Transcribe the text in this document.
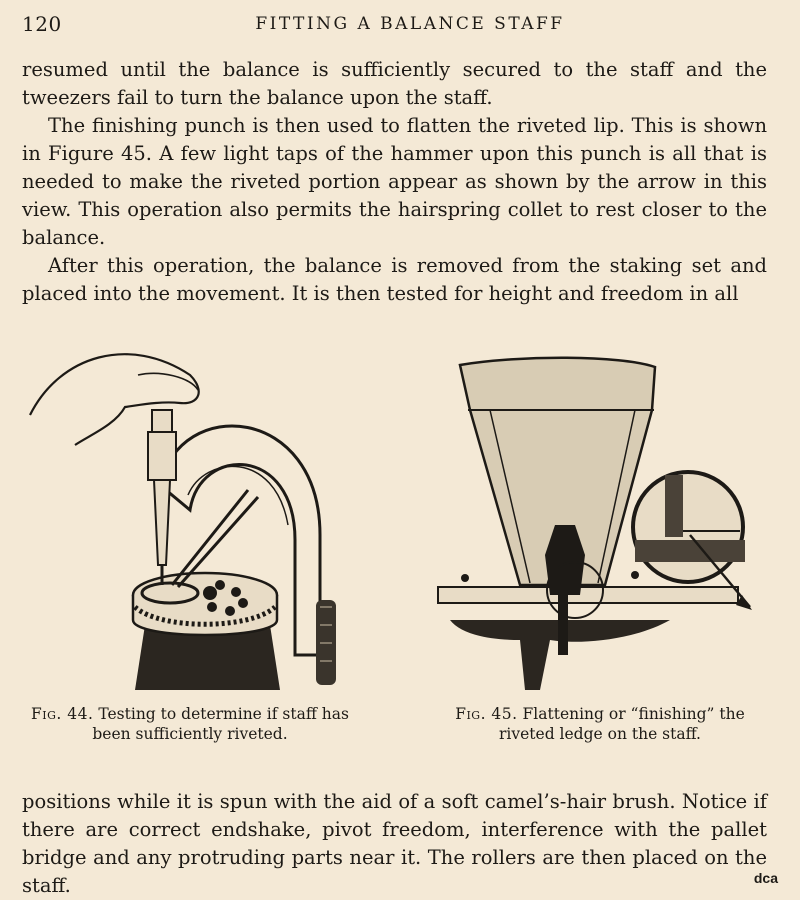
120	FITTING A BALANCE STAFF

resumed until the balance is sufficiently secured to the staff and the tweezers fail to turn the balance upon the staff.

The finishing punch is then used to flatten the riveted lip. This is shown in Figure 45. A few light taps of the hammer upon this punch is all that is needed to make the riveted portion appear as shown by the arrow in this view. This operation also permits the hairspring collet to rest closer to the balance.

After this operation, the balance is removed from the staking set and placed into the movement. It is then tested for height and freedom in all

Fig. 44. Testing to determine if staff has been sufficiently riveted.
Fig. 45. Flattening or “finishing” the riveted ledge on the staff.

positions while it is spun with the aid of a soft camel’s-hair brush. Notice if there are correct endshake, pivot freedom, interference with the pallet bridge and any protruding parts near it. The rollers are then placed on the staff.	dca
